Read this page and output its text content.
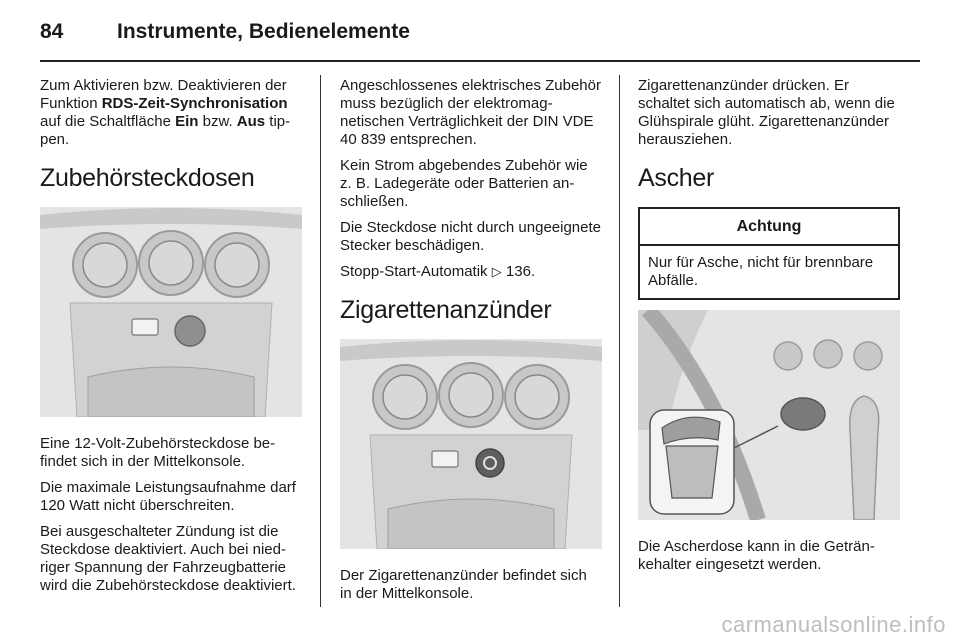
84	Instrumente, Bedienelemente

Zum Aktivieren bzw. Deaktivieren der Funktion RDS-Zeit-Synchronisation auf die Schaltfläche Ein bzw. Aus tippen.

Zubehörsteckdosen

Eine 12-Volt-Zubehörsteckdose befindet sich in der Mittelkonsole.

Die maximale Leistungsaufnahme darf 120 Watt nicht überschreiten.

Bei ausgeschalteter Zündung ist die Steckdose deaktiviert. Auch bei niedriger Spannung der Fahrzeugbatterie wird die Zubehörsteckdose deaktiviert.

Angeschlossenes elektrisches Zubehör muss bezüglich der elektromagnetischen Verträglichkeit der DIN VDE 40 839 entsprechen.

Kein Strom abgebendes Zubehör wie z. B. Ladegeräte oder Batterien anschließen.

Die Steckdose nicht durch ungeeignete Stecker beschädigen.

Stopp-Start-Automatik ▷ 136.

Zigarettenanzünder

Der Zigarettenanzünder befindet sich in der Mittelkonsole.

Zigarettenanzünder drücken. Er schaltet sich automatisch ab, wenn die Glühspirale glüht. Zigarettenanzünder herausziehen.

Ascher
Achtung
Nur für Asche, nicht für brennbare Abfälle.

Die Ascherdose kann in die Getränkehalter eingesetzt werden.

carmanualsonline.info
